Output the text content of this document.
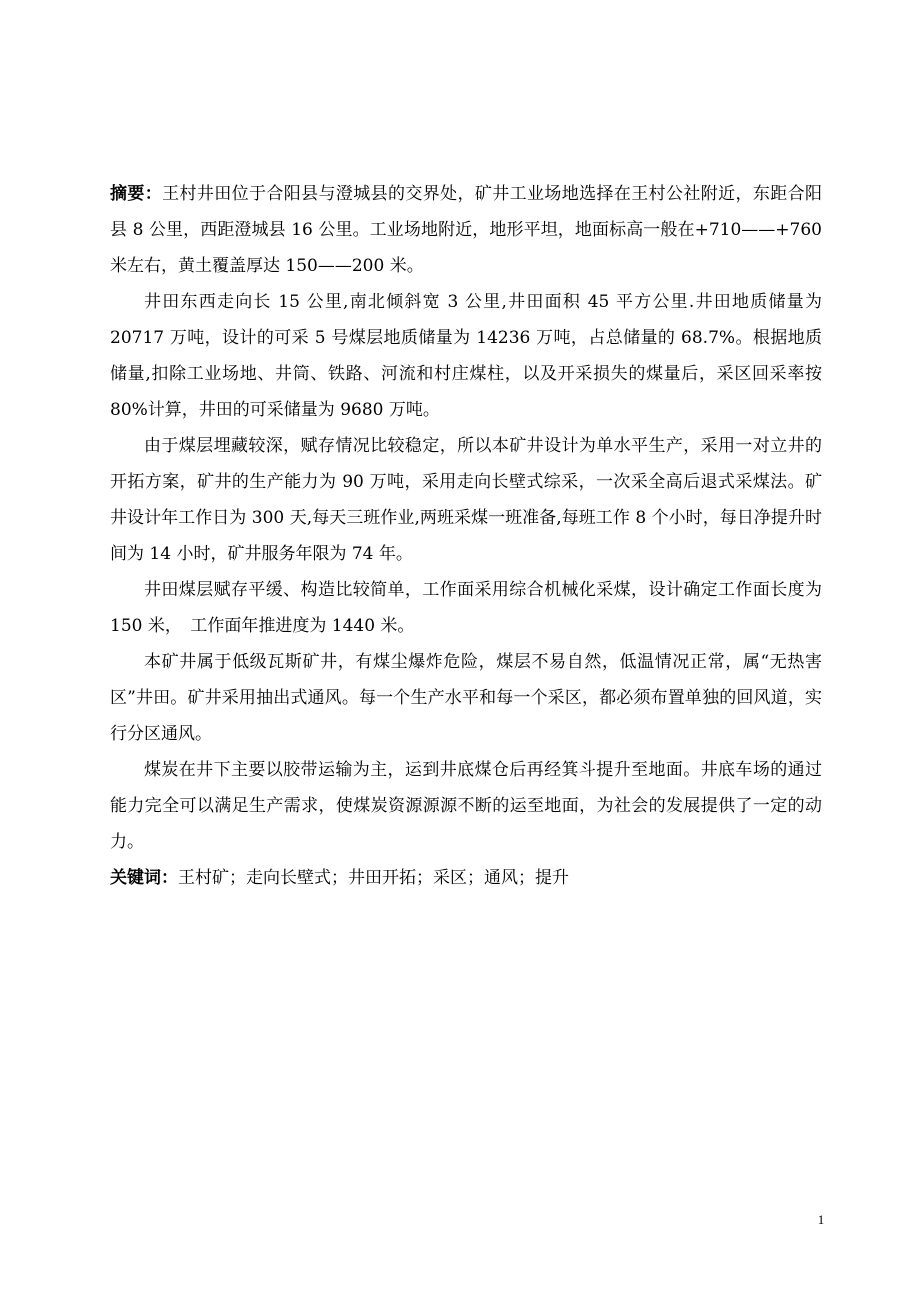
摘要：王村井田位于合阳县与澄城县的交界处，矿井工业场地选择在王村公社附近，东距合阳县 8 公里，西距澄城县 16 公里。工业场地附近，地形平坦，地面标高一般在+710——+760 米左右，黄土覆盖厚达 150——200 米。

井田东西走向长 15 公里,南北倾斜宽 3 公里,井田面积 45 平方公里.井田地质储量为 20717 万吨，设计的可采 5 号煤层地质储量为 14236 万吨，占总储量的 68.7%。根据地质储量,扣除工业场地、井筒、铁路、河流和村庄煤柱，以及开采损失的煤量后，采区回采率按 80%计算，井田的可采储量为 9680 万吨。

由于煤层埋藏较深，赋存情况比较稳定，所以本矿井设计为单水平生产，采用一对立井的开拓方案，矿井的生产能力为 90 万吨，采用走向长壁式综采，一次采全高后退式采煤法。矿井设计年工作日为 300 天,每天三班作业,两班采煤一班准备,每班工作 8 个小时，每日净提升时间为 14 小时，矿井服务年限为 74 年。

井田煤层赋存平缓、构造比较简单，工作面采用综合机械化采煤，设计确定工作面长度为 150 米，　工作面年推进度为 1440 米。

本矿井属于低级瓦斯矿井，有煤尘爆炸危险，煤层不易自然，低温情况正常，属“无热害区”井田。矿井采用抽出式通风。每一个生产水平和每一个采区，都必须布置单独的回风道，实行分区通风。

煤炭在井下主要以胶带运输为主，运到井底煤仓后再经箕斗提升至地面。井底车场的通过能力完全可以满足生产需求，使煤炭资源源源不断的运至地面，为社会的发展提供了一定的动力。

关键词：王村矿；走向长壁式；井田开拓；采区；通风；提升

1
